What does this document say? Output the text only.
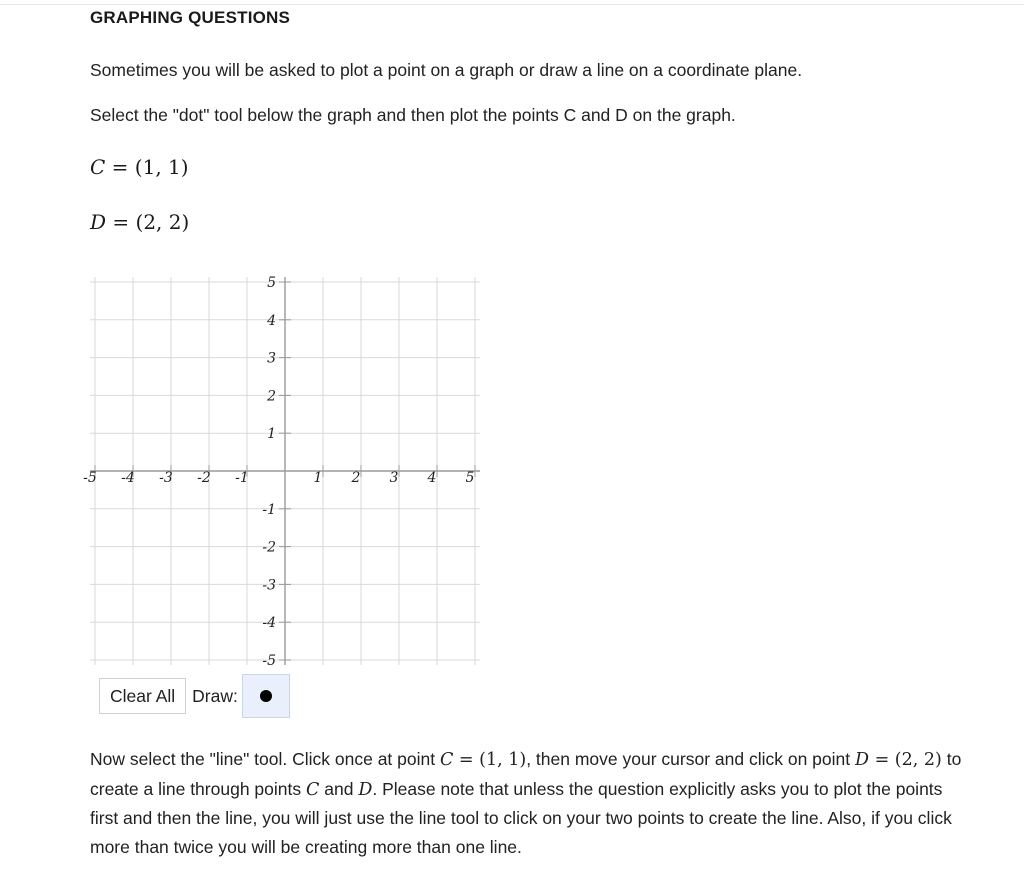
GRAPHING QUESTIONS
Sometimes you will be asked to plot a point on a graph or draw a line on a coordinate plane.
Select the "dot" tool below the graph and then plot the points C and D on the graph.
C = (1, 1)
D = (2, 2)
-5 -4 -3 -2 -1	1 2 3 4 5
5
4
3
2
1
-1
-2
-3
-4
-5
Clear All Draw:
Now select the "line" tool. Click once at point C = (1, 1), then move your cursor and click on point D = (2, 2) to create a line through points C and D. Please note that unless the question explicitly asks you to plot the points first and then the line, you will just use the line tool to click on your two points to create the line. Also, if you click more than twice you will be creating more than one line.
